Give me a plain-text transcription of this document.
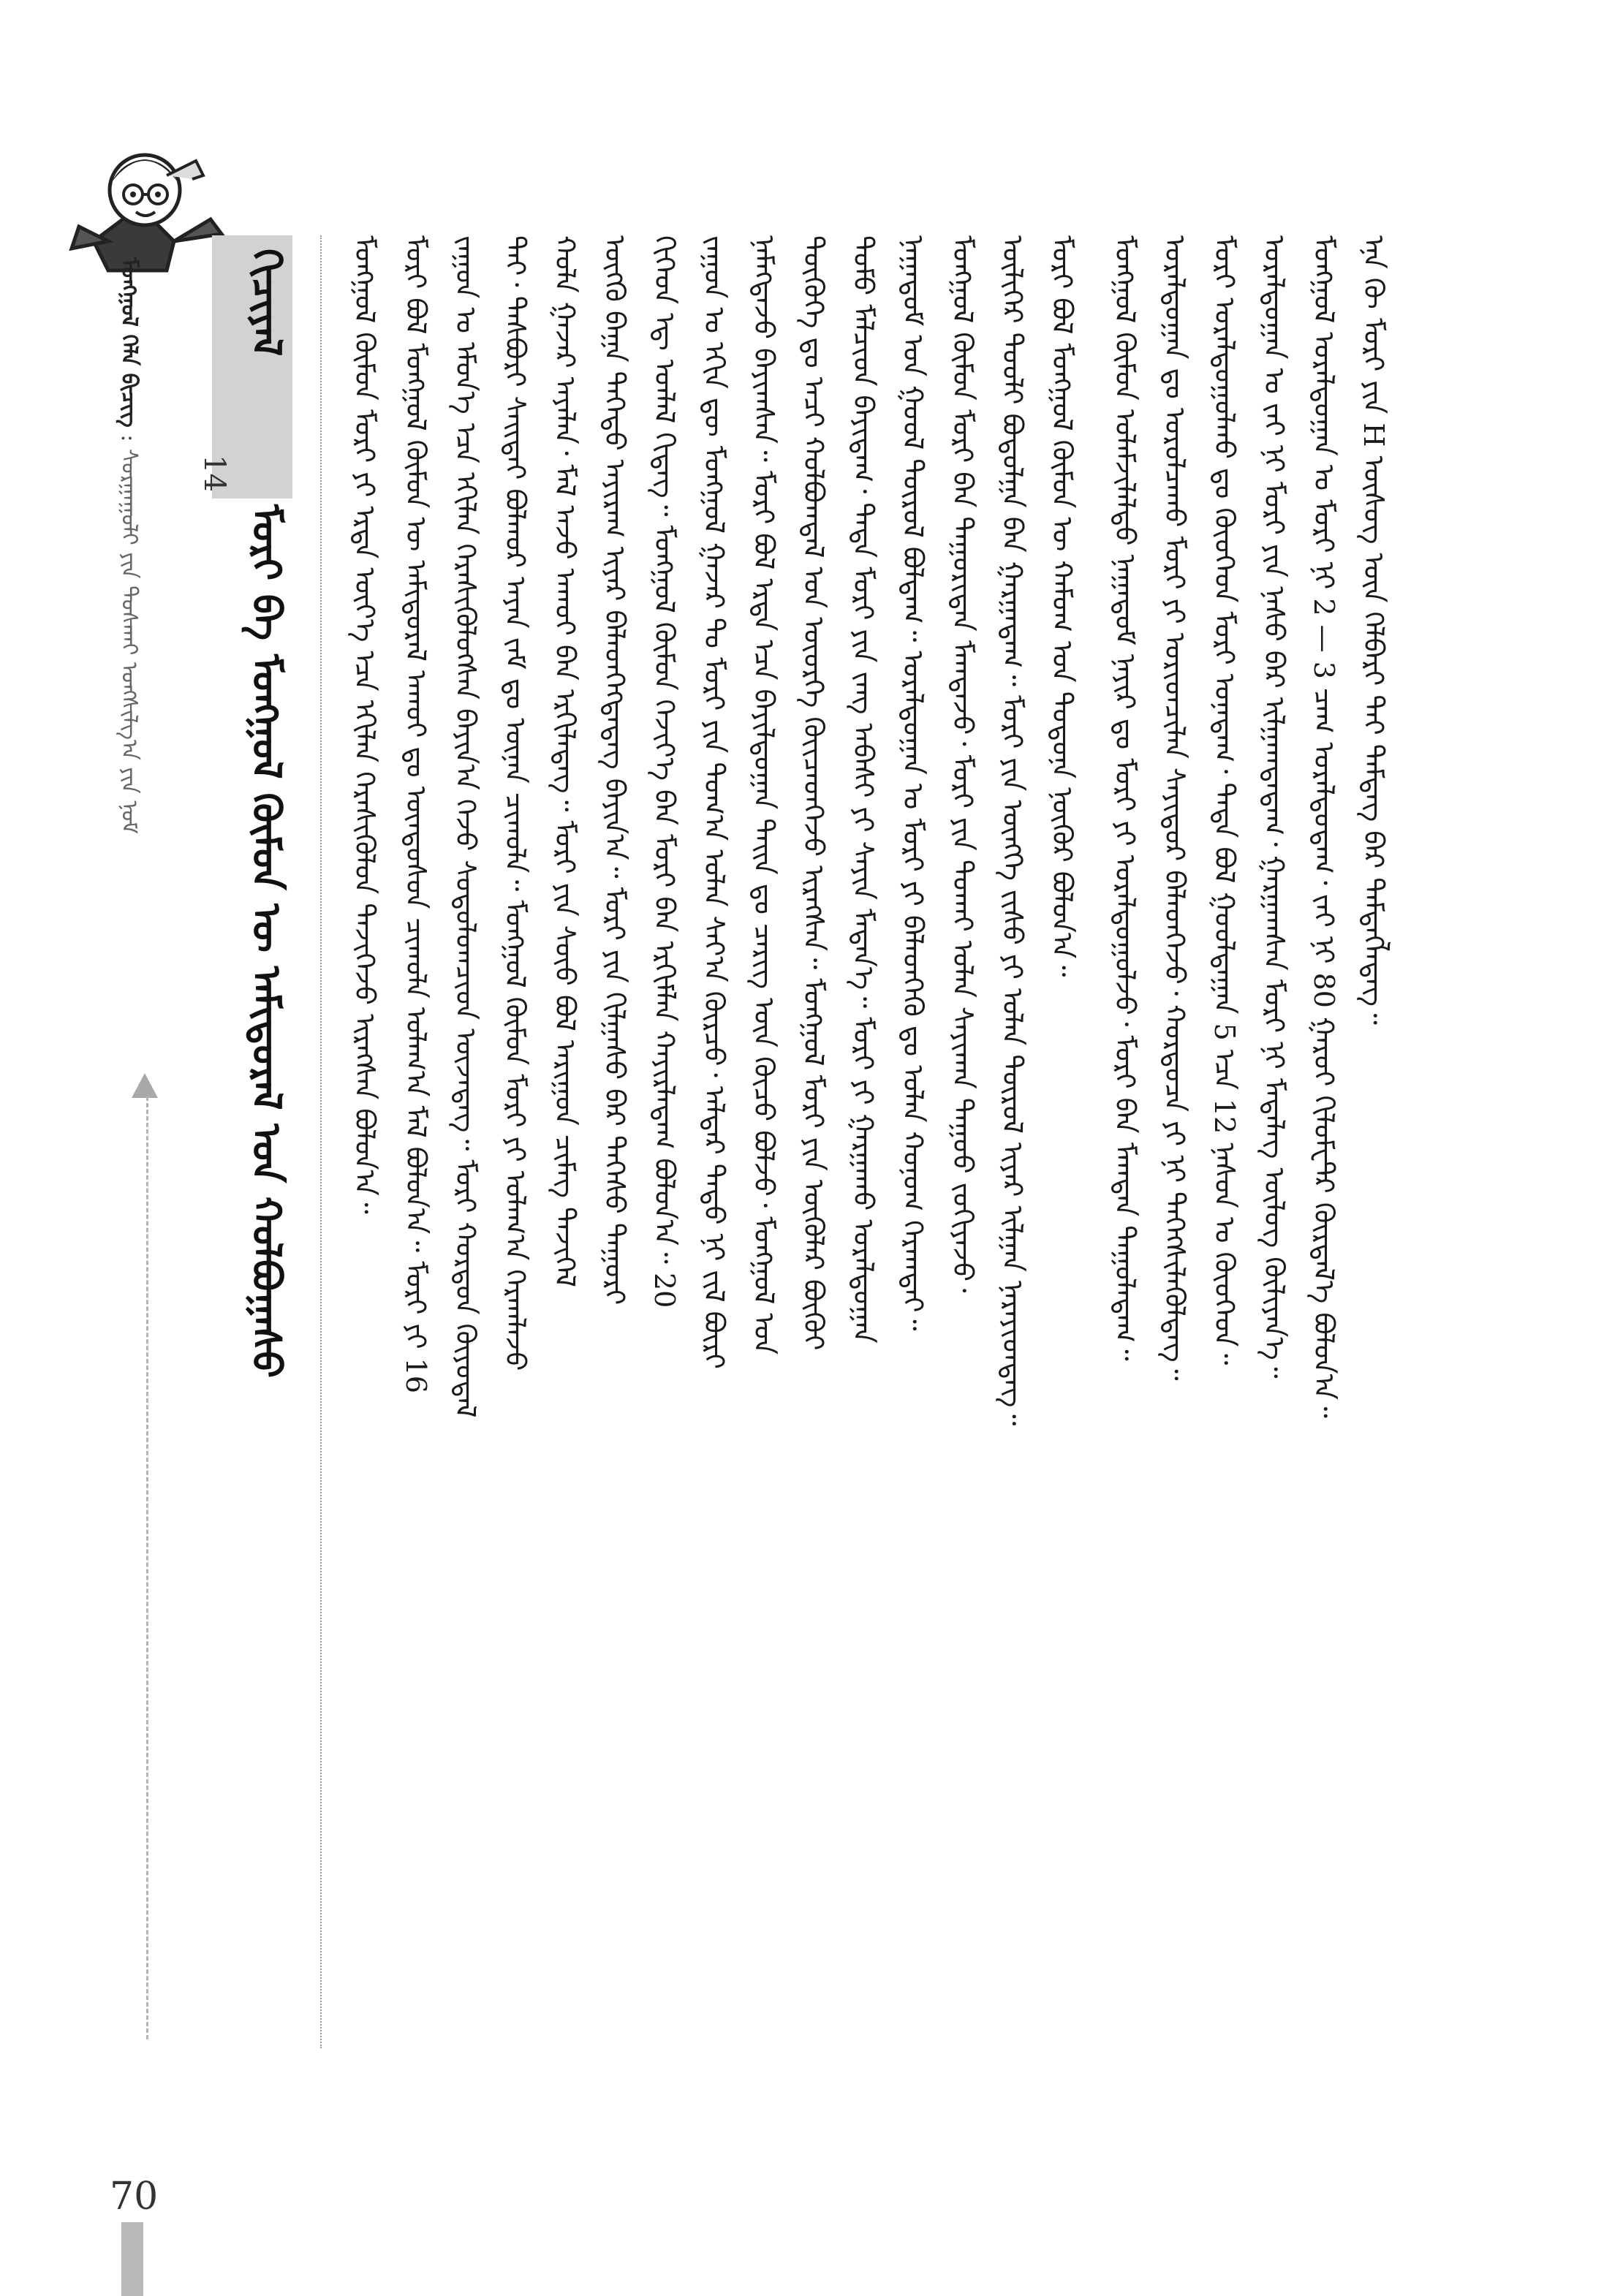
ᠮᠣᠩᠭᠣᠯ ᠬᠡᠯᠡ ᠪᠢᠴᠢᠭ : ᠰᠤᠷᠭᠠᠭᠤᠯᠢ ᠶᠢᠨ ᠲᠤᠰᠬᠠᠢ ᠤᠩᠱᠢᠯᠭ᠎ᠠ ᠶᠢᠨ ᠨᠣᠮ
ᠬᠢᠴᠢᠶᠡᠯ
14
ᠮᠤᠷᠢ ᠪᠠ ᠮᠣᠩᠭᠣᠯ ᠬᠦᠮᠦᠨ ᠦ ᠠᠮᠢᠳᠤᠷᠠᠯ ᠤᠨ ᠬᠣᠯᠪᠣᠭᠠᠰᠤ	ᠮᠣᠩᠭᠣᠯ ᠬᠦᠮᠦᠨ ᠮᠤᠷᠢ ᠶᠢ ᠡᠷᠲᠡ ᠦᠶ᠎ᠡ ᠡᠴᠡ ᠡᠬᠢᠯᠡᠨ ᠭᠡᠷᠡᠰᠢᠭᠦᠯᠦᠨ ᠲᠡᠵᠢᠭᠡᠵᠦ ᠢᠷᠡᠭᠰᠡᠨ ᠪᠣᠯᠤᠨ᠎ᠠ᠃ ᠮᠤᠷᠢ ᠪᠣᠯ ᠮᠣᠩᠭᠣᠯ ᠬᠦᠮᠦᠨ ᠦ ᠠᠮᠢᠳᠤᠷᠠᠯ ᠠᠬᠤᠢ ᠳᠤ ᠦᠨᠳᠦᠰᠦᠨ ᠴᠢᠬᠤᠯᠠ ᠤᠯᠠᠭ᠎ᠠ ᠮᠠᠯ ᠪᠣᠯᠤᠨ᠎ᠠ᠃ ᠮᠤᠷᠢ ᠶᠢ 16 ᠵᠠᠭᠤᠨ ᠤ ᠡᠮᠦᠨ᠎ᠡ ᠡᠴᠡ ᠡᠬᠢᠯᠡᠨ ᠭᠡᠷᠡᠰᠢᠭᠦᠯᠦᠭᠰᠡᠨ ᠪᠠᠶᠢᠨ᠎ᠠ ᠭᠡᠵᠦ ᠰᠤᠳᠤᠯᠤᠭᠴᠢᠳ ᠦᠵᠡᠳᠡᠭ᠃ ᠮᠤᠷᠢ ᠬᠤᠷᠳᠤᠨ ᠭᠦᠶᠦᠳᠡᠯ ᠲᠠᠢ᠂ ᠲᠡᠰᠪᠦᠷᠢ ᠰᠠᠢᠲᠠᠢ ᠪᠣᠯᠬᠣᠷ ᠠᠶᠠᠨ ᠵᠠᠮ ᠳᠤ ᠦᠨᠡᠨ ᠴᠢᠬᠤᠯᠠ᠃ ᠮᠣᠩᠭᠣᠯ ᠬᠦᠮᠦᠨ ᠮᠤᠷᠢ ᠶᠢ ᠤᠯᠠᠭ᠎ᠠ ᠬᠡᠷᠡᠭ᠍ᠯᠡᠵᠦ ᠬᠣᠯᠠ ᠭᠠᠵᠠᠷ ᠠᠶᠠᠯᠠᠨ᠂ ᠮᠠᠯ ᠠᠵᠤ ᠠᠬᠤᠢ ᠪᠠᠨ ᠡᠷᠬᠢᠯᠡᠳᠡᠭ᠃ ᠮᠤᠷᠢ ᠶᠢᠨ ᠰᠦᠦ ᠪᠣᠯ ᠠᠷᠢᠭᠤᠨ ᠴᠢᠮᠡᠭ ᠲᠡᠵᠢᠭᠡᠯ ᠦᠭᠬᠦ ᠪᠠᠭᠠ ᠲᠡᠭᠡᠳᠦ ᠠᠶᠢᠷᠠᠭ ᠢᠶᠠᠷ ᠪᠡᠯᠡᠳᠬᠡᠭᠳᠡᠳᠡᠭ ᠪᠠᠶᠢᠨ᠎ᠠ᠃ ᠮᠤᠷᠢ ᠶᠢᠨ ᠬᠢᠯᠭᠠᠰᠤ ᠪᠠᠷ ᠳᠡᠭᠡᠰᠦ ᠲᠠᠭᠤᠷᠢ ᠭᠢᠭᠡᠳ ᠡᠳ᠋ ᠡᠳᠯᠡᠯ ᠬᠢᠳᠡᠭ᠃ ᠮᠣᠩᠭᠣᠯ ᠬᠦᠮᠦᠨ ᠬᠡᠵᠢᠶ᠎ᠡ ᠪᠡᠨ ᠮᠤᠷᠢ ᠪᠡᠨ ᠡᠷᠬᠢᠮᠯᠡᠨ ᠬᠠᠶᠢᠷᠯᠠᠳᠠᠭ ᠪᠣᠯᠤᠨ᠎ᠠ᠃ 20 ᠵᠠᠭᠤᠨ ᠤ ᠡᠬᠢᠨ ᠳᠦ ᠮᠣᠩᠭᠣᠯ ᠭᠠᠵᠠᠷ ᠲᠤ ᠮᠤᠷᠢ ᠶᠢᠨ ᠲᠣᠭ᠎ᠠ ᠣᠯᠠᠨ ᠰᠠᠶ᠎ᠠ ᠬᠦᠷᠴᠦ᠂ ᠠᠯᠳᠠᠷ ᠲᠡᠳᠦ ᠨᠢ ᠵᠢᠯ ᠪᠦᠷᠢ ᠨᠡᠮᠡᠭᠳᠡᠵᠦ ᠪᠠᠶᠢᠭᠰᠠᠨ᠃ ᠮᠤᠷᠢ ᠪᠣᠯ ᠡᠷᠲᠡ ᠡᠴᠡ ᠪᠠᠶᠢᠯᠳᠤᠭᠠᠨ ᠳᠠᠢᠨ ᠳᠤ ᠴᠡᠷᠢᠭ ᠦᠨ ᠬᠦᠴᠦ ᠪᠣᠯᠵᠤ᠂ ᠮᠣᠩᠭᠣᠯ ᠤᠨ ᠲᠦᠭᠦᠬᠡ ᠳᠤ ᠠᠴᠢ ᠬᠣᠯᠪᠣᠭᠳᠠᠯ ᠤᠨ ᠦᠦᠷᠭᠡ ᠭᠦᠢᠴᠡᠳᠭᠡᠵᠦ ᠢᠷᠡᠭᠰᠡᠨ᠃ ᠮᠣᠩᠭᠣᠯ ᠮᠤᠷᠢ ᠶᠢᠨ ᠦᠭᠦᠯᠡᠷ ᠪᠦᠬᠦᠢ ᠲᠣᠮᠣ ᠮᠠᠯᠴᠢᠳ ᠪᠠᠶᠢᠳᠠᠭ᠂ ᠲᠡᠳᠡ ᠮᠤᠷᠢ ᠶᠢᠨ ᠵᠠᠩ ᠠᠪᠠᠰᠢ ᠶᠢ ᠰᠠᠶᠢᠨ ᠮᠡᠳᠡᠨ᠎ᠡ᠃ ᠮᠤᠷᠢ ᠶᠢ ᠭᠠᠷᠭᠠᠬᠤ ᠤᠷᠠᠯᠳᠤᠭᠠᠨ ᠨᠠᠭᠠᠳᠤᠮ ᠤᠨ ᠭᠣᠣᠯ ᠲᠦᠷᠦᠯ ᠪᠣᠯᠳᠠᠭ᠃ ᠤᠷᠠᠯᠳᠤᠭᠠᠨ ᠤ ᠮᠤᠷᠢ ᠶᠢ ᠪᠡᠯᠡᠳᠬᠡᠬᠦ ᠳᠤ ᠣᠯᠠᠨ ᠬᠣᠨᠤᠭ ᠬᠡᠷᠡᠭ᠍ᠲᠡᠢ᠃ ᠮᠣᠩᠭᠣᠯ ᠬᠦᠮᠦᠨ ᠮᠤᠷᠢ ᠪᠠᠨ ᠲᠠᠭᠤᠷᠢᠳᠠᠨ ᠮᠠᠭᠲᠠᠵᠤ᠂ ᠮᠤᠷᠢ ᠶᠢᠨ ᠲᠤᠬᠠᠢ ᠣᠯᠠᠨ ᠰᠠᠶᠢᠬᠠᠨ ᠳᠠᠭᠤᠤ ᠵᠣᠬᠢᠶᠠᠵᠤ᠂ ᠦᠯᠢᠭᠡᠷ ᠲᠤᠤᠯᠢ ᠪᠣᠳᠣᠯᠭᠠ ᠪᠠᠨ ᠭᠠᠷᠭᠠᠳᠠᠭ᠃ ᠮᠤᠷᠢ ᠶᠢᠨ ᠦᠩᠭᠡ ᠵᠢᠰᠦ ᠶᠢ ᠣᠯᠠᠨ ᠲᠥᠷᠥᠯ ᠢᠶᠡᠷ ᠢᠯᠭᠠᠨ ᠨᠡᠷᠡᠶᠢᠳᠳᠡᠭ᠃ ᠮᠤᠷᠢ ᠪᠣᠯ ᠮᠣᠩᠭᠣᠯ ᠬᠦᠮᠦᠨ ᠦ ᠬᠠᠮᠤᠭ ᠤᠨ ᠳᠣᠲᠣᠨᠠ ᠨᠥᠬᠥᠷ ᠪᠣᠯᠤᠨ᠎ᠠ᠃ ᠮᠣᠩᠭᠣᠯ ᠬᠦᠮᠦᠨ ᠤᠯᠠᠮᠵᠢᠯᠠᠯᠲᠤ ᠨᠠᠭᠠᠳᠤᠮ ᠨᠠᠶᠢᠷ ᠳᠤ ᠮᠤᠷᠢ ᠶᠢ ᠤᠷᠠᠯᠳᠤᠭᠤᠯᠵᠤ᠂ ᠮᠤᠷᠢ ᠪᠠᠨ ᠮᠠᠭᠲᠠᠨ ᠳᠠᠭᠤᠯᠠᠳᠠᠭ᠃ ᠤᠷᠠᠯᠳᠤᠭᠠᠨ ᠳᠤ ᠣᠷᠣᠯᠴᠠᠬᠤ ᠮᠤᠷᠢ ᠶᠢ ᠤᠷᠢᠳᠴᠢᠯᠠᠨ ᠰᠠᠶᠢᠲᠤᠷ ᠪᠡᠯᠡᠳᠬᠡᠵᠦ᠂ ᠬᠤᠷᠳᠤᠴᠠ ᠶᠢ ᠨᠢ ᠳᠡᠭᠡᠭᠰᠢᠯᠡᠭᠦᠯᠳᠡᠭ᠃ ᠮᠤᠷᠢ ᠤᠷᠠᠯᠳᠤᠭᠤᠯᠬᠤ ᠳᠤ ᠬᠦᠦᠬᠡᠳ ᠮᠤᠷᠢ ᠤᠨᠠᠳᠠᠭ᠂ ᠲᠡᠳᠡ ᠪᠣᠯ ᠭᠣᠣᠯᠳᠠᠭᠠᠨ 5 ᠡᠴᠡ 12 ᠨᠠᠰᠤᠨ ᠤ ᠬᠦᠦᠬᠡᠳ᠃ ᠤᠷᠠᠯᠳᠤᠭᠠᠨ ᠤ ᠵᠠᠢ ᠨᠢ ᠮᠤᠷᠢ ᠶᠢᠨ ᠨᠠᠰᠤ ᠪᠠᠷ ᠢᠯᠭᠠᠭᠳᠠᠳᠠᠭ᠂ ᠭᠠᠷᠭᠠᠭᠰᠠᠨ ᠮᠤᠷᠢ ᠨᠢ ᠮᠡᠳᠡᠯᠡᠭ ᠦᠯᠦᠭ ᠬᠦᠯᠢᠶᠡᠨ᠎ᠡ᠃ ᠮᠣᠩᠭᠣᠯ ᠤᠷᠠᠯᠳᠤᠭᠠᠨ ᠤ ᠮᠤᠷᠢ ᠨᠢ 2 — 3 ᠴᠠᠭ ᠤᠷᠠᠯᠳᠤᠳᠠᠭ᠂ ᠵᠠᠢ ᠨᠢ 80 ᠭᠠᠷᠤᠢ ᠬᠢᠯᠣᠮᠧᠲ᠋ᠷ ᠬᠦᠷᠲᠡᠯ᠎ᠡ ᠪᠣᠯᠤᠨ᠎ᠠ᠃ ᠡᠨᠡ ᠬᠦ ᠮᠤᠷᠢ ᠶᠢᠨ H ᠦᠰᠦᠭ ᠦᠨ ᠬᠡᠯᠪᠡᠷᠢ ᠲᠠᠢ ᠲᠡᠮᠳᠡᠭ ᠪᠡᠷ ᠲᠡᠮᠳᠡᠭᠯᠡᠳᠡᠭ᠃
70
